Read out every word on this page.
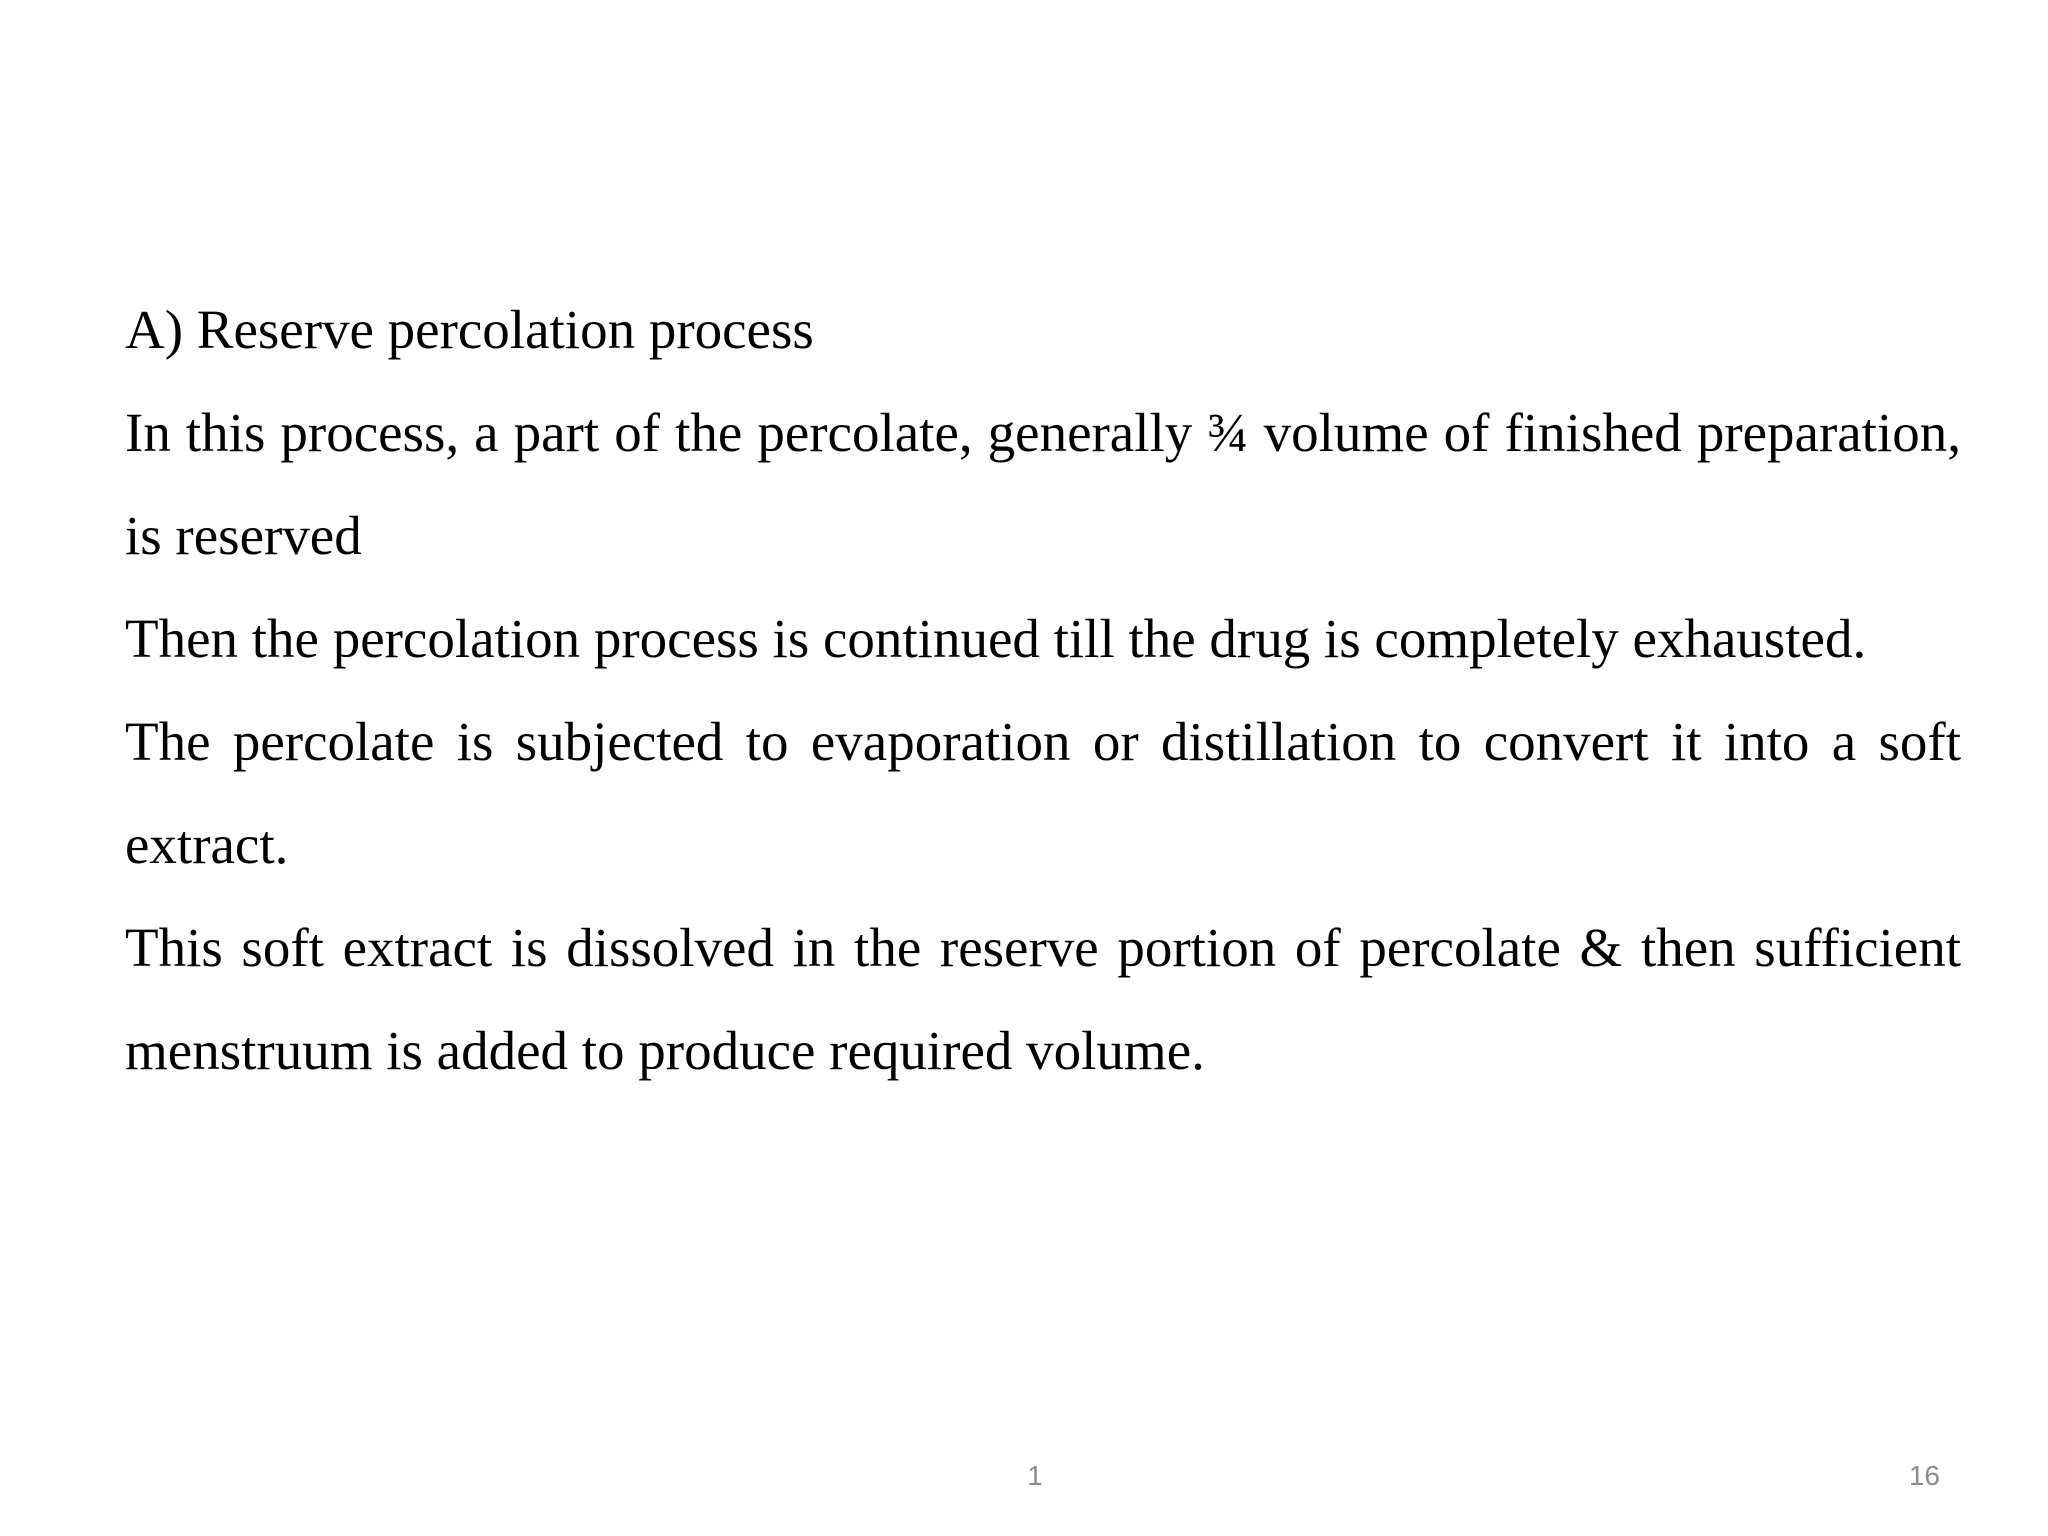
A) Reserve percolation process

In this process, a part of the percolate, generally ¾ volume of finished preparation, is reserved

Then the percolation process is continued till the drug is completely exhausted.

The percolate is subjected to evaporation or distillation to convert it into a soft extract.

This soft extract is dissolved in the reserve portion of percolate & then sufficient menstruum is added to produce required volume.

1	16
